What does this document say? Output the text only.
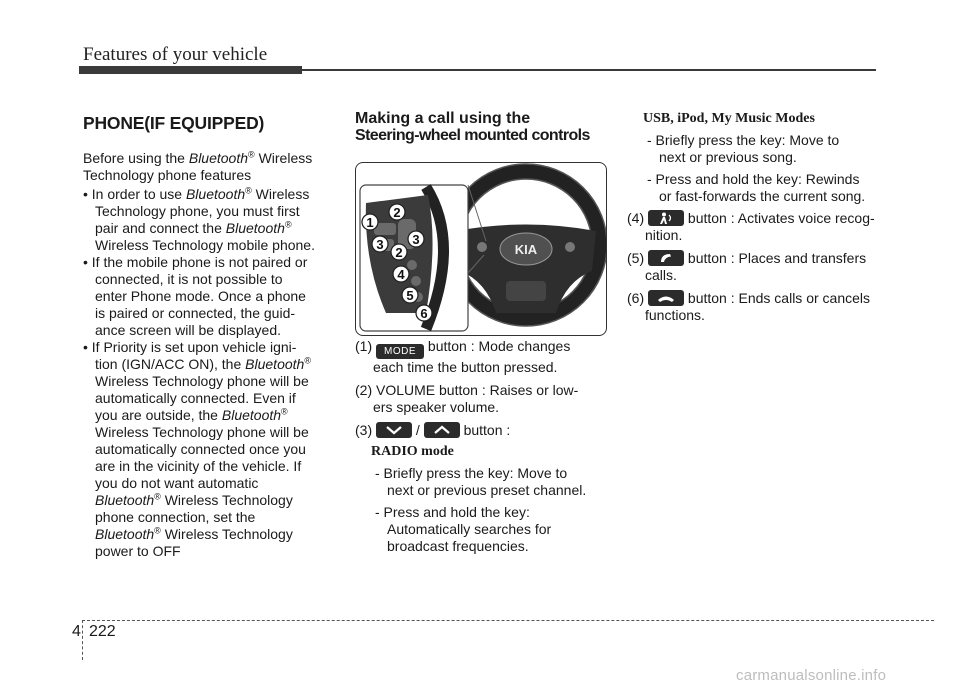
Features of your vehicle
PHONE(IF EQUIPPED)

Before using the Bluetooth® Wireless
Technology phone features

• In order to use Bluetooth® Wireless
Technology phone, you must first
pair and connect the Bluetooth®
Wireless Technology mobile phone.

• If the mobile phone is not paired or
connected, it is not possible to
enter Phone mode. Once a phone
is paired or connected, the guid-
ance screen will be displayed.

• If Priority is set upon vehicle igni-
tion (IGN/ACC ON), the Bluetooth®
Wireless Technology phone will be
automatically connected. Even if
you are outside, the Bluetooth®
Wireless Technology phone will be
automatically connected once you
are in the vicinity of the vehicle. If
you do not want automatic
Bluetooth® Wireless Technology
phone connection, set the
Bluetooth® Wireless Technology
power to OFF

Making a call using the
Steering-wheel mounted controls
KIA
1
2
3
2
3
4
5
6

(1) MODE button : Mode changes
each time the button pressed.

(2) VOLUME button : Raises or low-
ers speaker volume.

(3)	/	button :

RADIO mode

- Briefly press the key: Move to
next or previous preset channel.

- Press and hold the key:
Automatically searches for
broadcast frequencies.

USB, iPod, My Music Modes

- Briefly press the key: Move to
next or previous song.

- Press and hold the key: Rewinds
or fast-forwards the current song.

(4)	button : Activates voice recog-
nition.

(5)	button : Places and transfers
calls.

(6)	button : Ends calls or cancels
functions.

4 222
carmanualsonline.info
